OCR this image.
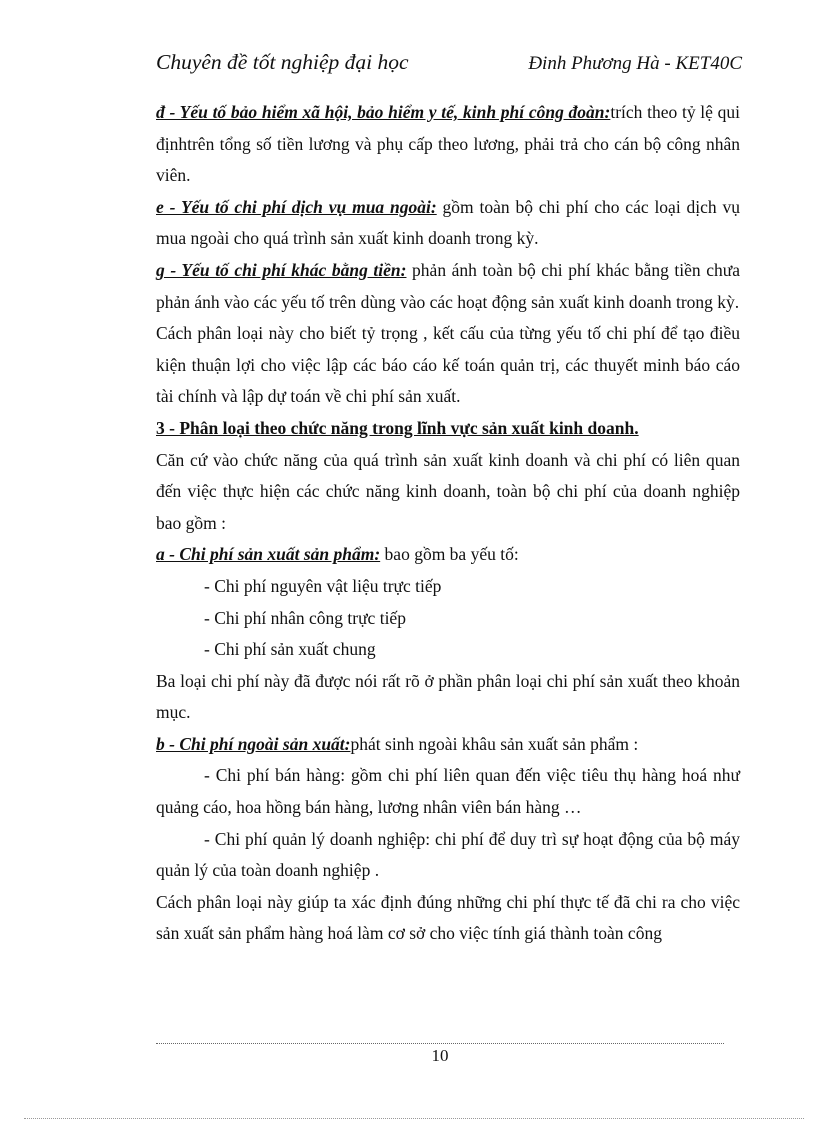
Chuyên đề tốt nghiệp đại học	Đinh Phương Hà - KET40C

đ - Yếu tố bảo hiểm xã hội, bảo hiểm y tế, kinh phí công đoàn:trích theo tỷ lệ qui địnhtrên tổng số tiền lương và phụ cấp theo lương, phải trả cho cán bộ công nhân viên.

e - Yếu tố chi phí dịch vụ mua ngoài: gồm toàn bộ chi phí cho các loại dịch vụ mua ngoài cho quá trình sản xuất kinh doanh trong kỳ.

g - Yếu tố chi phí khác bằng tiền: phản ánh toàn bộ chi phí khác bằng tiền chưa phản ánh vào các yếu tố trên dùng vào các hoạt động sản xuất kinh doanh trong kỳ.

Cách phân loại này cho biết tỷ trọng , kết cấu của từng yếu tố chi phí để tạo điều kiện thuận lợi cho việc lập các báo cáo kế toán quản trị, các thuyết minh báo cáo tài chính và lập dự toán về chi phí sản xuất.

3 - Phân loại theo chức năng trong lĩnh vực sản xuất kinh doanh.

Căn cứ vào chức năng của quá trình sản xuất kinh doanh và chi phí có liên quan đến việc thực hiện các chức năng kinh doanh, toàn bộ chi phí của doanh nghiệp bao gồm :

a - Chi phí sản xuất sản phẩm: bao gồm ba yếu tố:

- Chi phí nguyên vật liệu trực tiếp

- Chi phí nhân công trực tiếp

- Chi phí sản xuất chung

Ba loại chi phí này đã được nói rất rõ ở phần phân loại chi phí sản xuất theo khoản mục.

b - Chi phí ngoài sản xuất:phát sinh ngoài khâu sản xuất sản phẩm :

- Chi phí bán hàng: gồm chi phí liên quan đến việc tiêu thụ hàng hoá như quảng cáo, hoa hồng bán hàng, lương nhân viên bán hàng …

- Chi phí quản lý doanh nghiệp: chi phí để duy trì sự hoạt động của bộ máy quản lý của toàn doanh nghiệp .

Cách phân loại này giúp ta xác định đúng những chi phí thực tế đã chi ra cho việc sản xuất sản phẩm hàng hoá làm cơ sở cho việc tính giá thành toàn công

10
